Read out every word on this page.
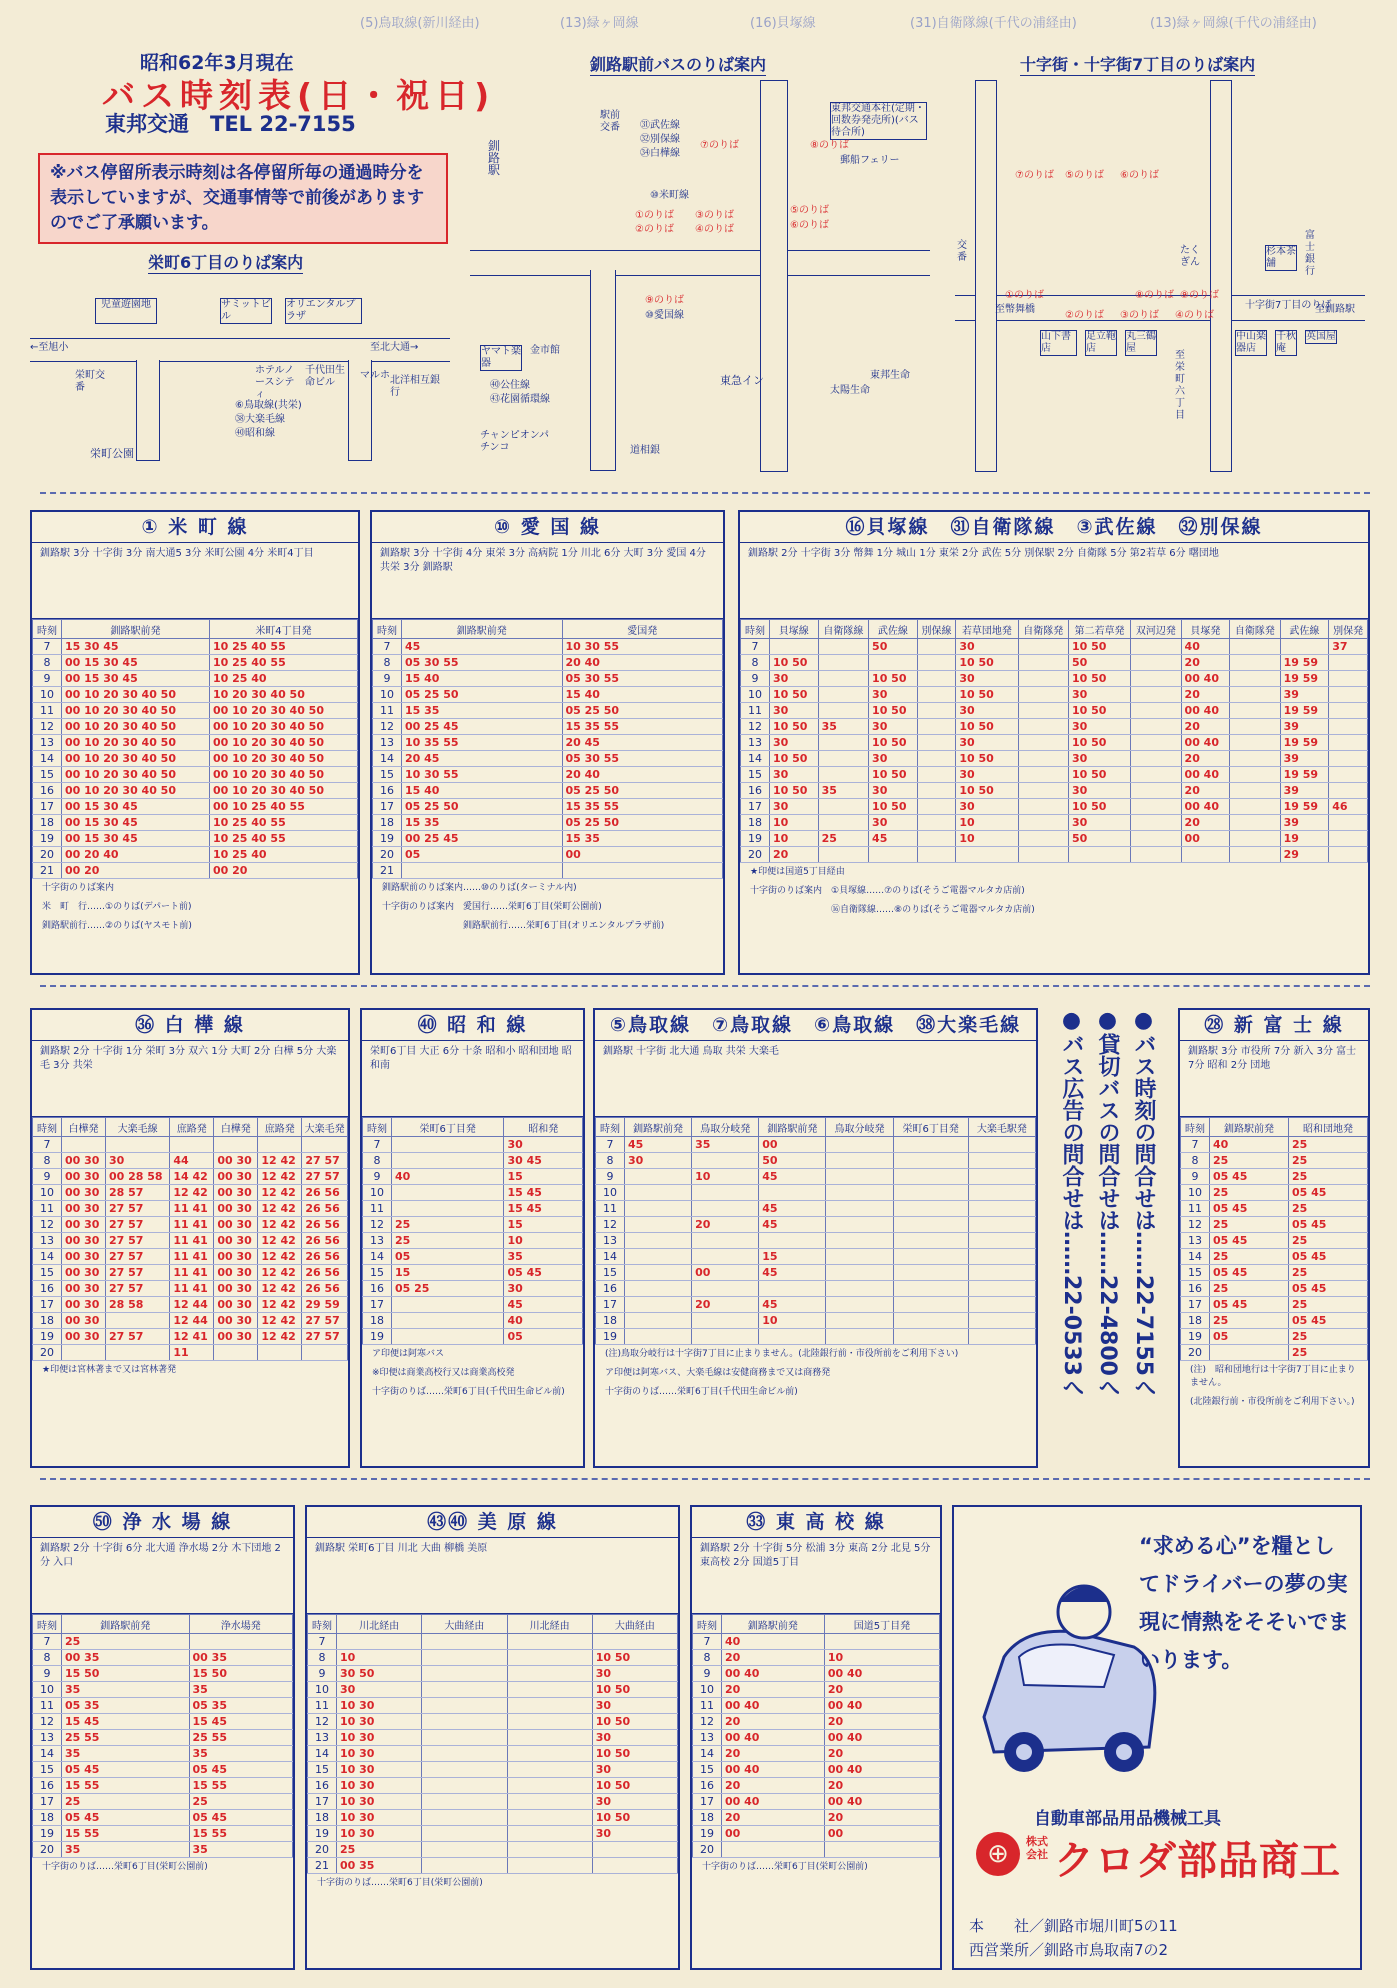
(5)鳥取線(新川経由)	(13)緑ヶ岡線	(16)貝塚線	(31)自衛隊線(千代の浦経由)	(13)緑ヶ岡線(千代の浦経由)
昭和62年3月現在
バス時刻表(日・祝日)
東邦交通　TEL 22-7155
※バス停留所表示時刻は各停留所毎の通過時分を表示していますが、交通事情等で前後がありますのでご了承願います。
栄町6丁目のりば案内
児童遊園地	サミットビル
オリエンタルプラザ
←至旭小	至北大通→
栄町交番
ホテルノースシティ
千代田生命ビル
マルホ 北洋相互銀行
⑥鳥取線(共栄)
㊳大楽毛線
㊵昭和線
栄町公園
釧路駅前バスのりば案内
釧路駅
駅前交番
東邦交通本社(定期・回数券発売所)(バス待合所)
郵船フェリー
⑩米町線
①のりば
②のりば
③のりば
④のりば
⑤のりば
⑥のりば
⑦のりば	⑧のりば
⑨のりば
⑩愛国線
㉛武佐線
㉜別保線
㉞白樺線
ヤマト楽器
金市館
㊵公住線
㊸花園循環線
チャンピオンパチンコ	道相銀
東急イン
太陽生命
東邦生命
十字街・十字街7丁目のりば案内
①のりば
②のりば ③のりば ④のりば
⑤のりば ⑥のりば
⑦のりば
⑧のりば ⑨のりば
十字街7丁目のりば
至釧路駅
至幣舞橋
交番
杉本茶舗
富士銀行
山下書店
足立鞄店
丸三鶴屋
たくぎん
中山楽器店
千秋庵
英国屋
至栄町六丁目
① 米 町 線
釧路駅 3分 十字街 3分 南大通5 3分 米町公園 4分 米町4丁目
時刻	釧路駅前発	米町4丁目発
7	15 30 45	10 25 40 55
8	00 15 30 45	10 25 40 55
9	00 15 30 45	10 25 40
10	00 10 20 30 40 50	10 20 30 40 50
11	00 10 20 30 40 50	00 10 20 30 40 50
12	00 10 20 30 40 50	00 10 20 30 40 50
13	00 10 20 30 40 50	00 10 20 30 40 50
14	00 10 20 30 40 50	00 10 20 30 40 50
15	00 10 20 30 40 50	00 10 20 30 40 50
16	00 10 20 30 40 50	00 10 20 30 40 50
17	00 15 30 45	00 10 25 40 55
18	00 15 30 45	10 25 40 55
19	00 15 30 45	10 25 40 55
20	00 20 40	10 25 40
21	00 20	00 20
十字街のりば案内
米　町　行……①のりば(デパート前)
釧路駅前行……②のりば(ヤスモト前)
⑩ 愛 国 線
釧路駅 3分 十字街 4分 東栄 3分 高病院 1分 川北 6分 大町 3分 愛国 4分 共栄 3分 釧路駅
時刻	釧路駅前発	愛国発
7	45	10 30 55
8	05 30 55	20 40
9	15 40	05 30 55
10	05 25 50	15 40
11	15 35	05 25 50
12	00 25 45	15 35 55
13	10 35 55	20 45
14	20 45	05 30 55
15	10 30 55	20 40
16	15 40	05 25 50
17	05 25 50	15 35 55
18	15 35	05 25 50
19	00 25 45	15 35
20	05	00
21		
釧路駅前のりば案内……⑩のりば(ターミナル内)
十字街のりば案内　愛国行……栄町6丁目(栄町公園前)
　　　　　　　　　釧路駅前行……栄町6丁目(オリエンタルプラザ前)
⑯貝塚線　㉛自衛隊線　③武佐線　㉜別保線
釧路駅 2分 十字街 3分 幣舞 1分 城山 1分 東栄 2分 武佐 5分 別保駅 2分 自衛隊 5分 第2若草 6分 曙団地
時刻	貝塚線	自衛隊線	武佐線	別保線	若草団地発	自衛隊発	第二若草発	双河辺発	貝塚発	自衛隊発	武佐線	別保発
7			50		30		10 50		40			37
8	10 50				10 50		50		20		19 59	
9	30		10 50		30		10 50		00 40		19 59	
10	10 50		30		10 50		30		20		39	
11	30		10 50		30		10 50		00 40		19 59	
12	10 50	35	30		10 50		30		20		39	
13	30		10 50		30		10 50		00 40		19 59	
14	10 50		30		10 50		30		20		39	
15	30		10 50		30		10 50		00 40		19 59	
16	10 50	35	30		10 50		30		20		39	
17	30		10 50		30		10 50		00 40		19 59	46
18	10		30		10		30		20		39	
19	10	25	45		10		50		00		19	
20	20										29	
★印便は国道5丁目経由
十字街のりば案内　①貝塚線……⑦のりば(そうご電器マルタカ店前)
　　　　　　　　　⑯自衛隊線……⑧のりば(そうご電器マルタカ店前)
㊱ 白 樺 線
釧路駅 2分 十字街 1分 栄町 3分 双六 1分 大町 2分 白樺 5分 大楽毛 3分 共栄
時刻	白樺発	大楽毛線	庶路発	白樺発	庶路発	大楽毛発
7						
8	00 30	30	44	00 30	12 42	27 57
9	00 30	00 28 58	14 42	00 30	12 42	27 57
10	00 30	28 57	12 42	00 30	12 42	26 56
11	00 30	27 57	11 41	00 30	12 42	26 56
12	00 30	27 57	11 41	00 30	12 42	26 56
13	00 30	27 57	11 41	00 30	12 42	26 56
14	00 30	27 57	11 41	00 30	12 42	26 56
15	00 30	27 57	11 41	00 30	12 42	26 56
16	00 30	27 57	11 41	00 30	12 42	26 56
17	00 30	28 58	12 44	00 30	12 42	29 59
18	00 30		12 44	00 30	12 42	27 57
19	00 30	27 57	12 41	00 30	12 42	27 57
20			11			
★印便は宮林著まで又は宮林著発
㊵ 昭 和 線
栄町6丁目 大正 6分 十条 昭和小 昭和団地 昭和南
時刻	栄町6丁目発	昭和発
7		30
8		30 45
9	40	15
10		15 45
11		15 45
12	25	15
13	25	10
14	05	35
15	15	05 45
16	05 25	30
17		45
18		40
19		05
ア印便は阿寒バス
※印便は商業高校行又は商業高校発
十字街のりば……栄町6丁目(千代田生命ビル前)
⑤鳥取線　⑦鳥取線　⑥鳥取線　㊳大楽毛線
釧路駅 十字街 北大通 鳥取 共栄 大楽毛
時刻	釧路駅前発	鳥取分岐発	釧路駅前発	鳥取分岐発	栄町6丁目発	大楽毛駅発
7	45	35	00			
8	30		50			
9		10	45			
10						
11			45			
12		20	45			
13						
14			15			
15		00	45			
16						
17		20	45			
18			10			
19						
(注)鳥取分岐行は十字街7丁目に止まりません。(北陸銀行前・市役所前をご利用下さい)
ア印便は阿寒バス、大楽毛線は安健商務まで又は商務発
十字街のりば……栄町6丁目(千代田生命ビル前)
㉘ 新 富 士 線
釧路駅 3分 市役所 7分 新入 3分 富士 7分 昭和 2分 団地
時刻	釧路駅前発	昭和団地発
7	40	25
8	25	25
9	05 45	25
10	25	05 45
11	05 45	25
12	25	05 45
13	05 45	25
14	25	05 45
15	05 45	25
16	25	05 45
17	05 45	25
18	25	05 45
19	05	25
20		25
(注)　昭和団地行は十字街7丁目に止まりません。
(北陸銀行前・市役所前をご利用下さい。)
㊿ 浄 水 場 線
釧路駅 2分 十字街 6分 北大通 浄水場 2分 木下団地 2分 入口
時刻	釧路駅前発	浄水場発
7	25	
8	00 35	00 35
9	15 50	15 50
10	35	35
11	05 35	05 35
12	15 45	15 45
13	25 55	25 55
14	35	35
15	05 45	05 45
16	15 55	15 55
17	25	25
18	05 45	05 45
19	15 55	15 55
20	35	35
十字街のりば……栄町6丁目(栄町公園前)
㊸㊵ 美 原 線
釧路駅 栄町6丁目 川北 大曲 柳橋 美原
時刻	川北経由	大曲経由	川北経由	大曲経由
7				
8	10			10 50
9	30 50			30
10	30			10 50
11	10 30			30
12	10 30			10 50
13	10 30			30
14	10 30			10 50
15	10 30			30
16	10 30			10 50
17	10 30			30
18	10 30			10 50
19	10 30			30
20	25			
21	00 35			
十字街のりば……栄町6丁目(栄町公園前)
㉝ 東 高 校 線
釧路駅 2分 十字街 5分 松浦 3分 東高 2分 北見 5分 東高校 2分 国道5丁目
時刻	釧路駅前発	国道5丁目発
7	40	
8	20	10
9	00 40	00 40
10	20	20
11	00 40	00 40
12	20	20
13	00 40	00 40
14	20	20
15	00 40	00 40
16	20	20
17	00 40	00 40
18	20	20
19	00	00
20		
十字街のりば……栄町6丁目(栄町公園前)
●バス時刻の問合せは……22-7155へ
●貸切バスの問合せは……22-4800へ
●バス広告の問合せは……22-0533へ
“求める心”を糧としてドライバーの夢の実現に情熱をそそいでまいります。
自動車部品用品機械工具
⊕	株式会社 クロダ部品商工
本　　社／釧路市堀川町5の11
西営業所／釧路市鳥取南7の2
